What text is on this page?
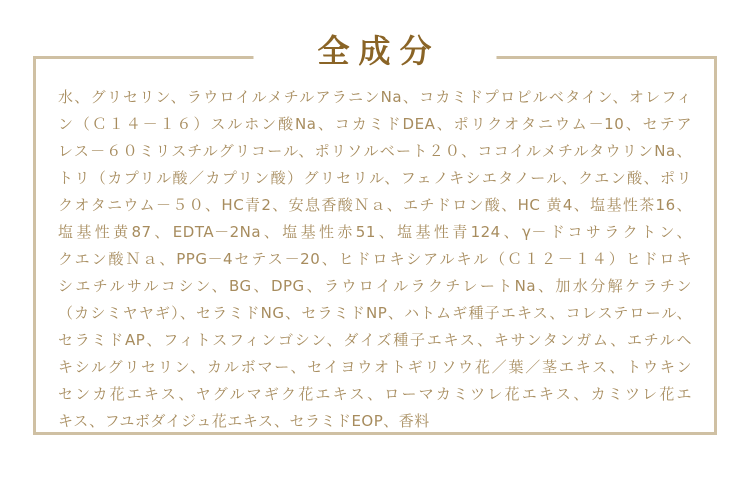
全成分
水、グリセリン、ラウロイルメチルアラニンNa、コカミドプロピルベタイン、オレフィ
ン（Ｃ１４－１６）スルホン酸Na、コカミドDEA、ポリクオタニウム－10、セテア
レス－６０ミリスチルグリコール、ポリソルベート２０、ココイルメチルタウリンNa、
トリ（カプリル酸／カプリン酸）グリセリル、フェノキシエタノール、クエン酸、ポリ
クオタニウム－５０、HC青2、安息香酸Ｎａ、エチドロン酸、HC 黄4、塩基性茶16、
塩基性黄87、EDTA－2Na、塩基性赤51、塩基性青124、γ－ドコサラクトン、
クエン酸Ｎａ、PPG－4セテス－20、ヒドロキシアルキル（Ｃ１２－１４）ヒドロキ
シエチルサルコシン、BG、DPG、ラウロイルラクチレートNa、加水分解ケラチン
（カシミヤヤギ）、セラミドNG、セラミドNP、ハトムギ種子エキス、コレステロール、
セラミドAP、フィトスフィンゴシン、ダイズ種子エキス、キサンタンガム、エチルヘ
キシルグリセリン、カルボマー、セイヨウオトギリソウ花／葉／茎エキス、トウキン
センカ花エキス、ヤグルマギク花エキス、ローマカミツレ花エキス、カミツレ花エ
キス、フユボダイジュ花エキス、セラミドEOP、香料
